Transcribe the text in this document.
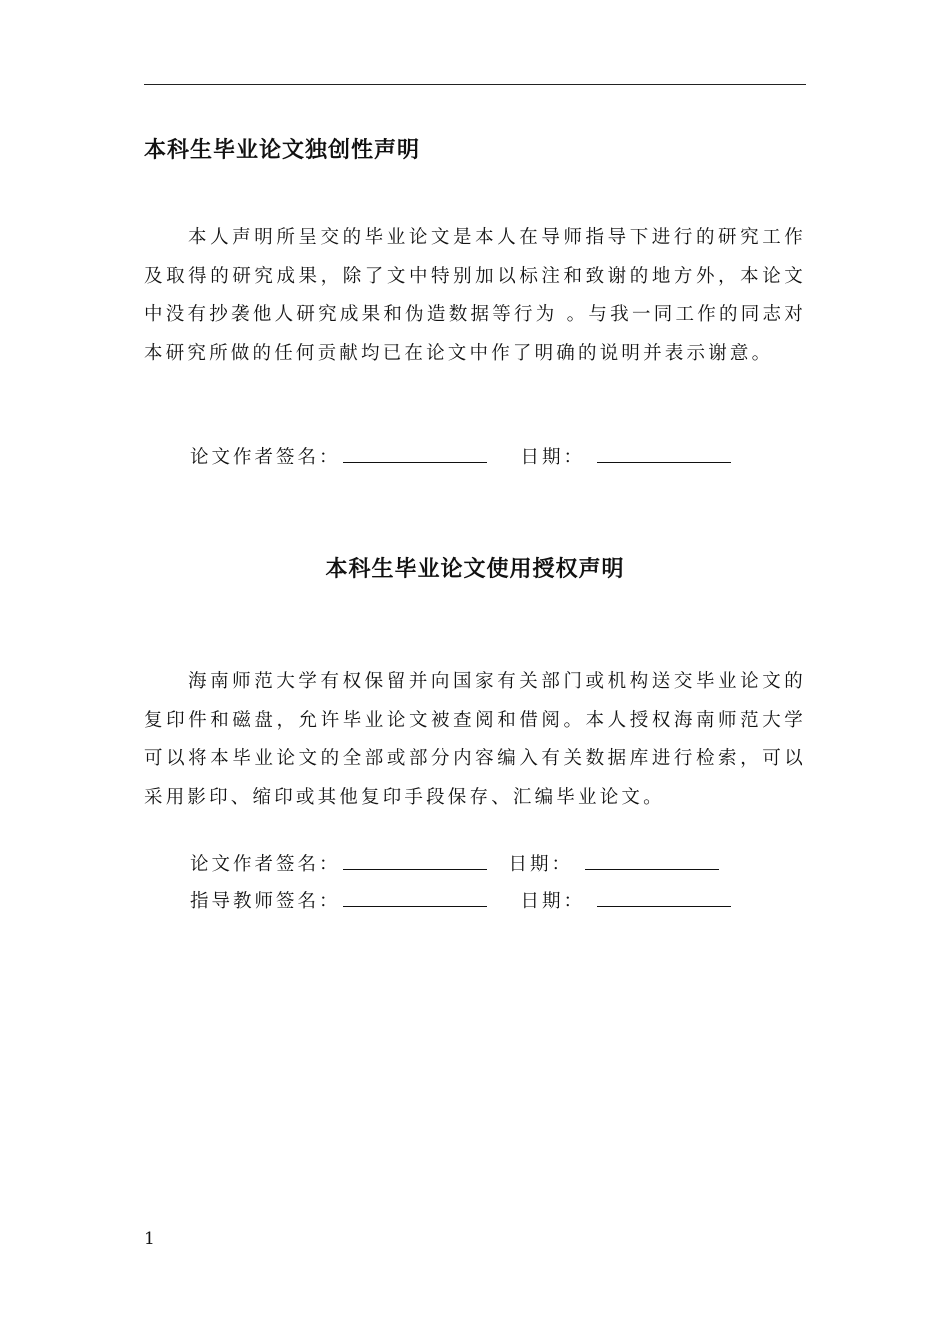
本科生毕业论文独创性声明

本人声明所呈交的毕业论文是本人在导师指导下进行的研究工作及取得的研究成果，除了文中特别加以标注和致谢的地方外，本论文中没有抄袭他人研究成果和伪造数据等行为 。与我一同工作的同志对本研究所做的任何贡献均已在论文中作了明确的说明并表示谢意。

论文作者签名：	日期：
本科生毕业论文使用授权声明

海南师范大学有权保留并向国家有关部门或机构送交毕业论文的复印件和磁盘，允许毕业论文被查阅和借阅。本人授权海南师范大学可以将本毕业论文的全部或部分内容编入有关数据库进行检索，可以采用影印、缩印或其他复印手段保存、汇编毕业论文。

论文作者签名：	日期：
指导教师签名：	日期：
1
